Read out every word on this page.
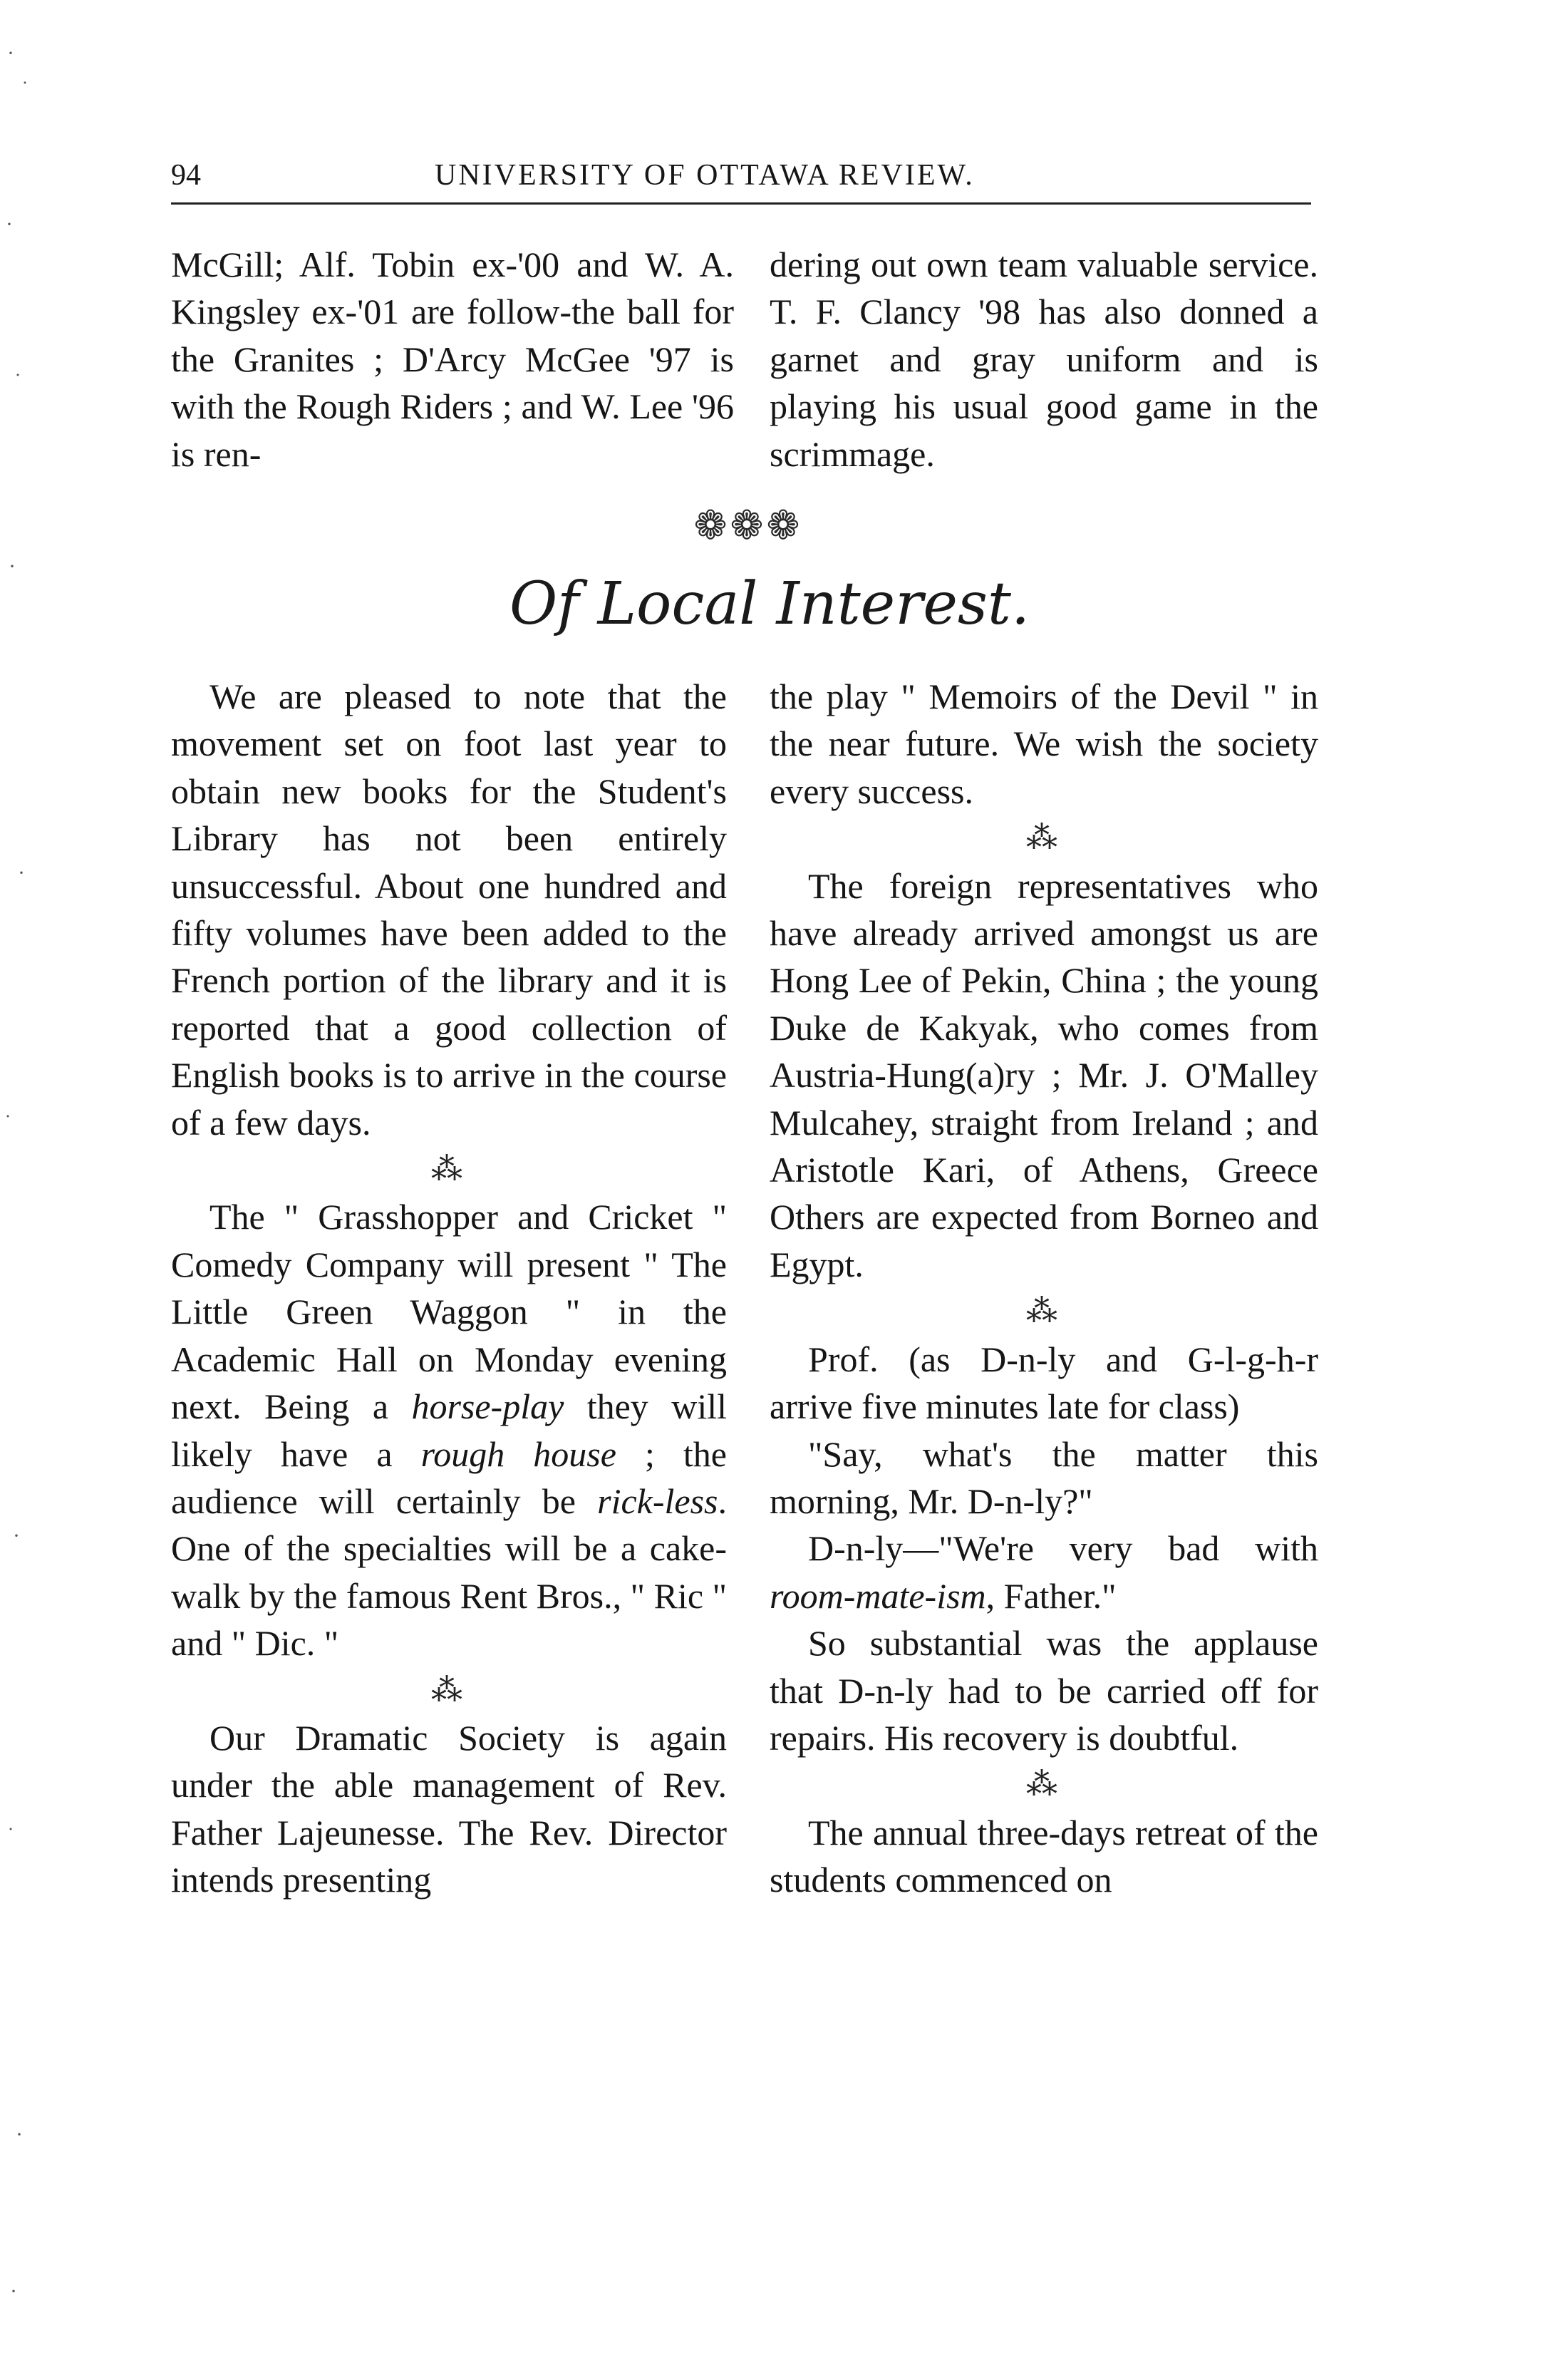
·
˙
·
˙
·
·
˙
·
˙
·
·
94	UNIVERSITY OF OTTAWA REVIEW.

McGill; Alf. Tobin ex-'00 and W. A. Kingsley ex-'01 are follow-the ball for the Granites ; D'Arcy McGee '97 is with the Rough Riders ; and W. Lee '96 is ren-

dering out own team valuable service. T. F. Clancy '98 has also donned a garnet and gray uniform and is playing his usual good game in the scrimmage.

❁❁❁
Of Local Interest.

We are pleased to note that the movement set on foot last year to obtain new books for the Student's Library has not been entirely unsuccessful. About one hundred and fifty volumes have been added to the French portion of the library and it is reported that a good collection of English books is to arrive in the course of a few days.

⁂

The " Grasshopper and Cricket " Comedy Company will present " The Little Green Waggon " in the Academic Hall on Monday evening next. Being a horse-play they will likely have a rough house ; the audience will certainly be rick-less. One of the specialties will be a cake-walk by the famous Rent Bros., " Ric " and " Dic. "

⁂

Our Dramatic Society is again under the able management of Rev. Father Lajeunesse. The Rev. Director intends presenting

the play " Memoirs of the Devil " in the near future. We wish the society every success.

⁂

The foreign representatives who have already arrived amongst us are Hong Lee of Pekin, China ; the young Duke de Kakyak, who comes from Austria-Hung(a)ry ; Mr. J. O'Malley Mulcahey, straight from Ireland ; and Aristotle Kari, of Athens, Greece Others are expected from Borneo and Egypt.

⁂

Prof. (as D-n-ly and G-l-g-h-r arrive five minutes late for class)

"Say, what's the matter this morning, Mr. D-n-ly?"

D-n-ly—"We're very bad with room-mate-ism, Father."

So substantial was the applause that D-n-ly had to be carried off for repairs. His recovery is doubtful.

⁂

The annual three-days retreat of the students commenced on
